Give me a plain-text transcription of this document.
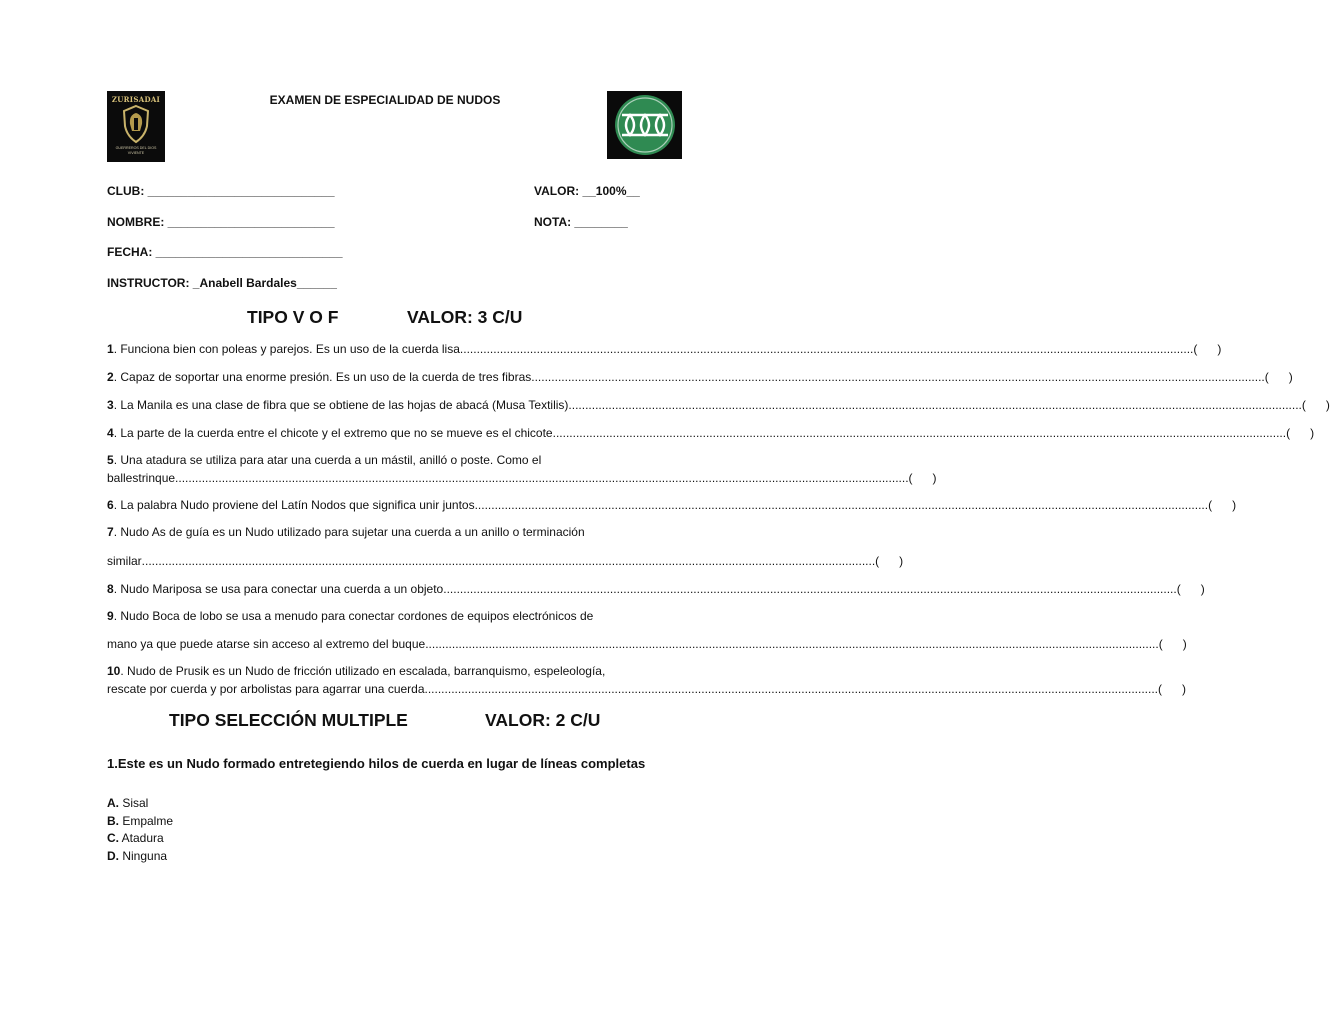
ZURISADAI
GUERREROS DEL DIOS VIVIENTE
EXAMEN DE ESPECIALIDAD DE NUDOS
CLUB: ____________________________	VALOR: __100%__
NOMBRE: _________________________	NOTA: ________
FECHA: ____________________________
INSTRUCTOR: _Anabell Bardales______
TIPO V O F	VALOR: 3 C/U
1 . Funciona bien con poleas y parejos. Es un uso de la cuerda lisa ............................................................................................................................................................................................................................ (      )
2 . Capaz de soportar una enorme presión. Es un uso de la cuerda de tres fibras ............................................................................................................................................................................................................................ (      )
3 . La Manila es una clase de fibra que se obtiene de las hojas de abacá (Musa Textilis) ............................................................................................................................................................................................................................ (      )
4 . La parte de la cuerda entre el chicote y el extremo que no se mueve es el chicote ............................................................................................................................................................................................................................ (      )
5 . Una atadura se utiliza para atar una cuerda a un mástil, anilló o poste. Como el
ballestrinque ............................................................................................................................................................................................................................ (      )
6 . La palabra Nudo proviene del Latín Nodos que significa unir juntos ............................................................................................................................................................................................................................ (      )
7 . Nudo As de guía es un Nudo utilizado para sujetar una cuerda a un anillo o terminación
similar ............................................................................................................................................................................................................................ (      )
8 . Nudo Mariposa se usa para conectar una cuerda a un objeto ............................................................................................................................................................................................................................ (      )
9 . Nudo Boca de lobo se usa a menudo para conectar cordones de equipos electrónicos de
mano ya que puede atarse sin acceso al extremo del buque ............................................................................................................................................................................................................................ (      )
10 . Nudo de Prusik es un Nudo de fricción utilizado en escalada, barranquismo, espeleología,
rescate por cuerda y por arbolistas para agarrar una cuerda ............................................................................................................................................................................................................................ (      )
TIPO SELECCIÓN MULTIPLE	VALOR: 2 C/U
1.Este es un Nudo formado entretegiendo hilos de cuerda en lugar de líneas completas
A. Sisal
B. Empalme
C. Atadura
D. Ninguna
